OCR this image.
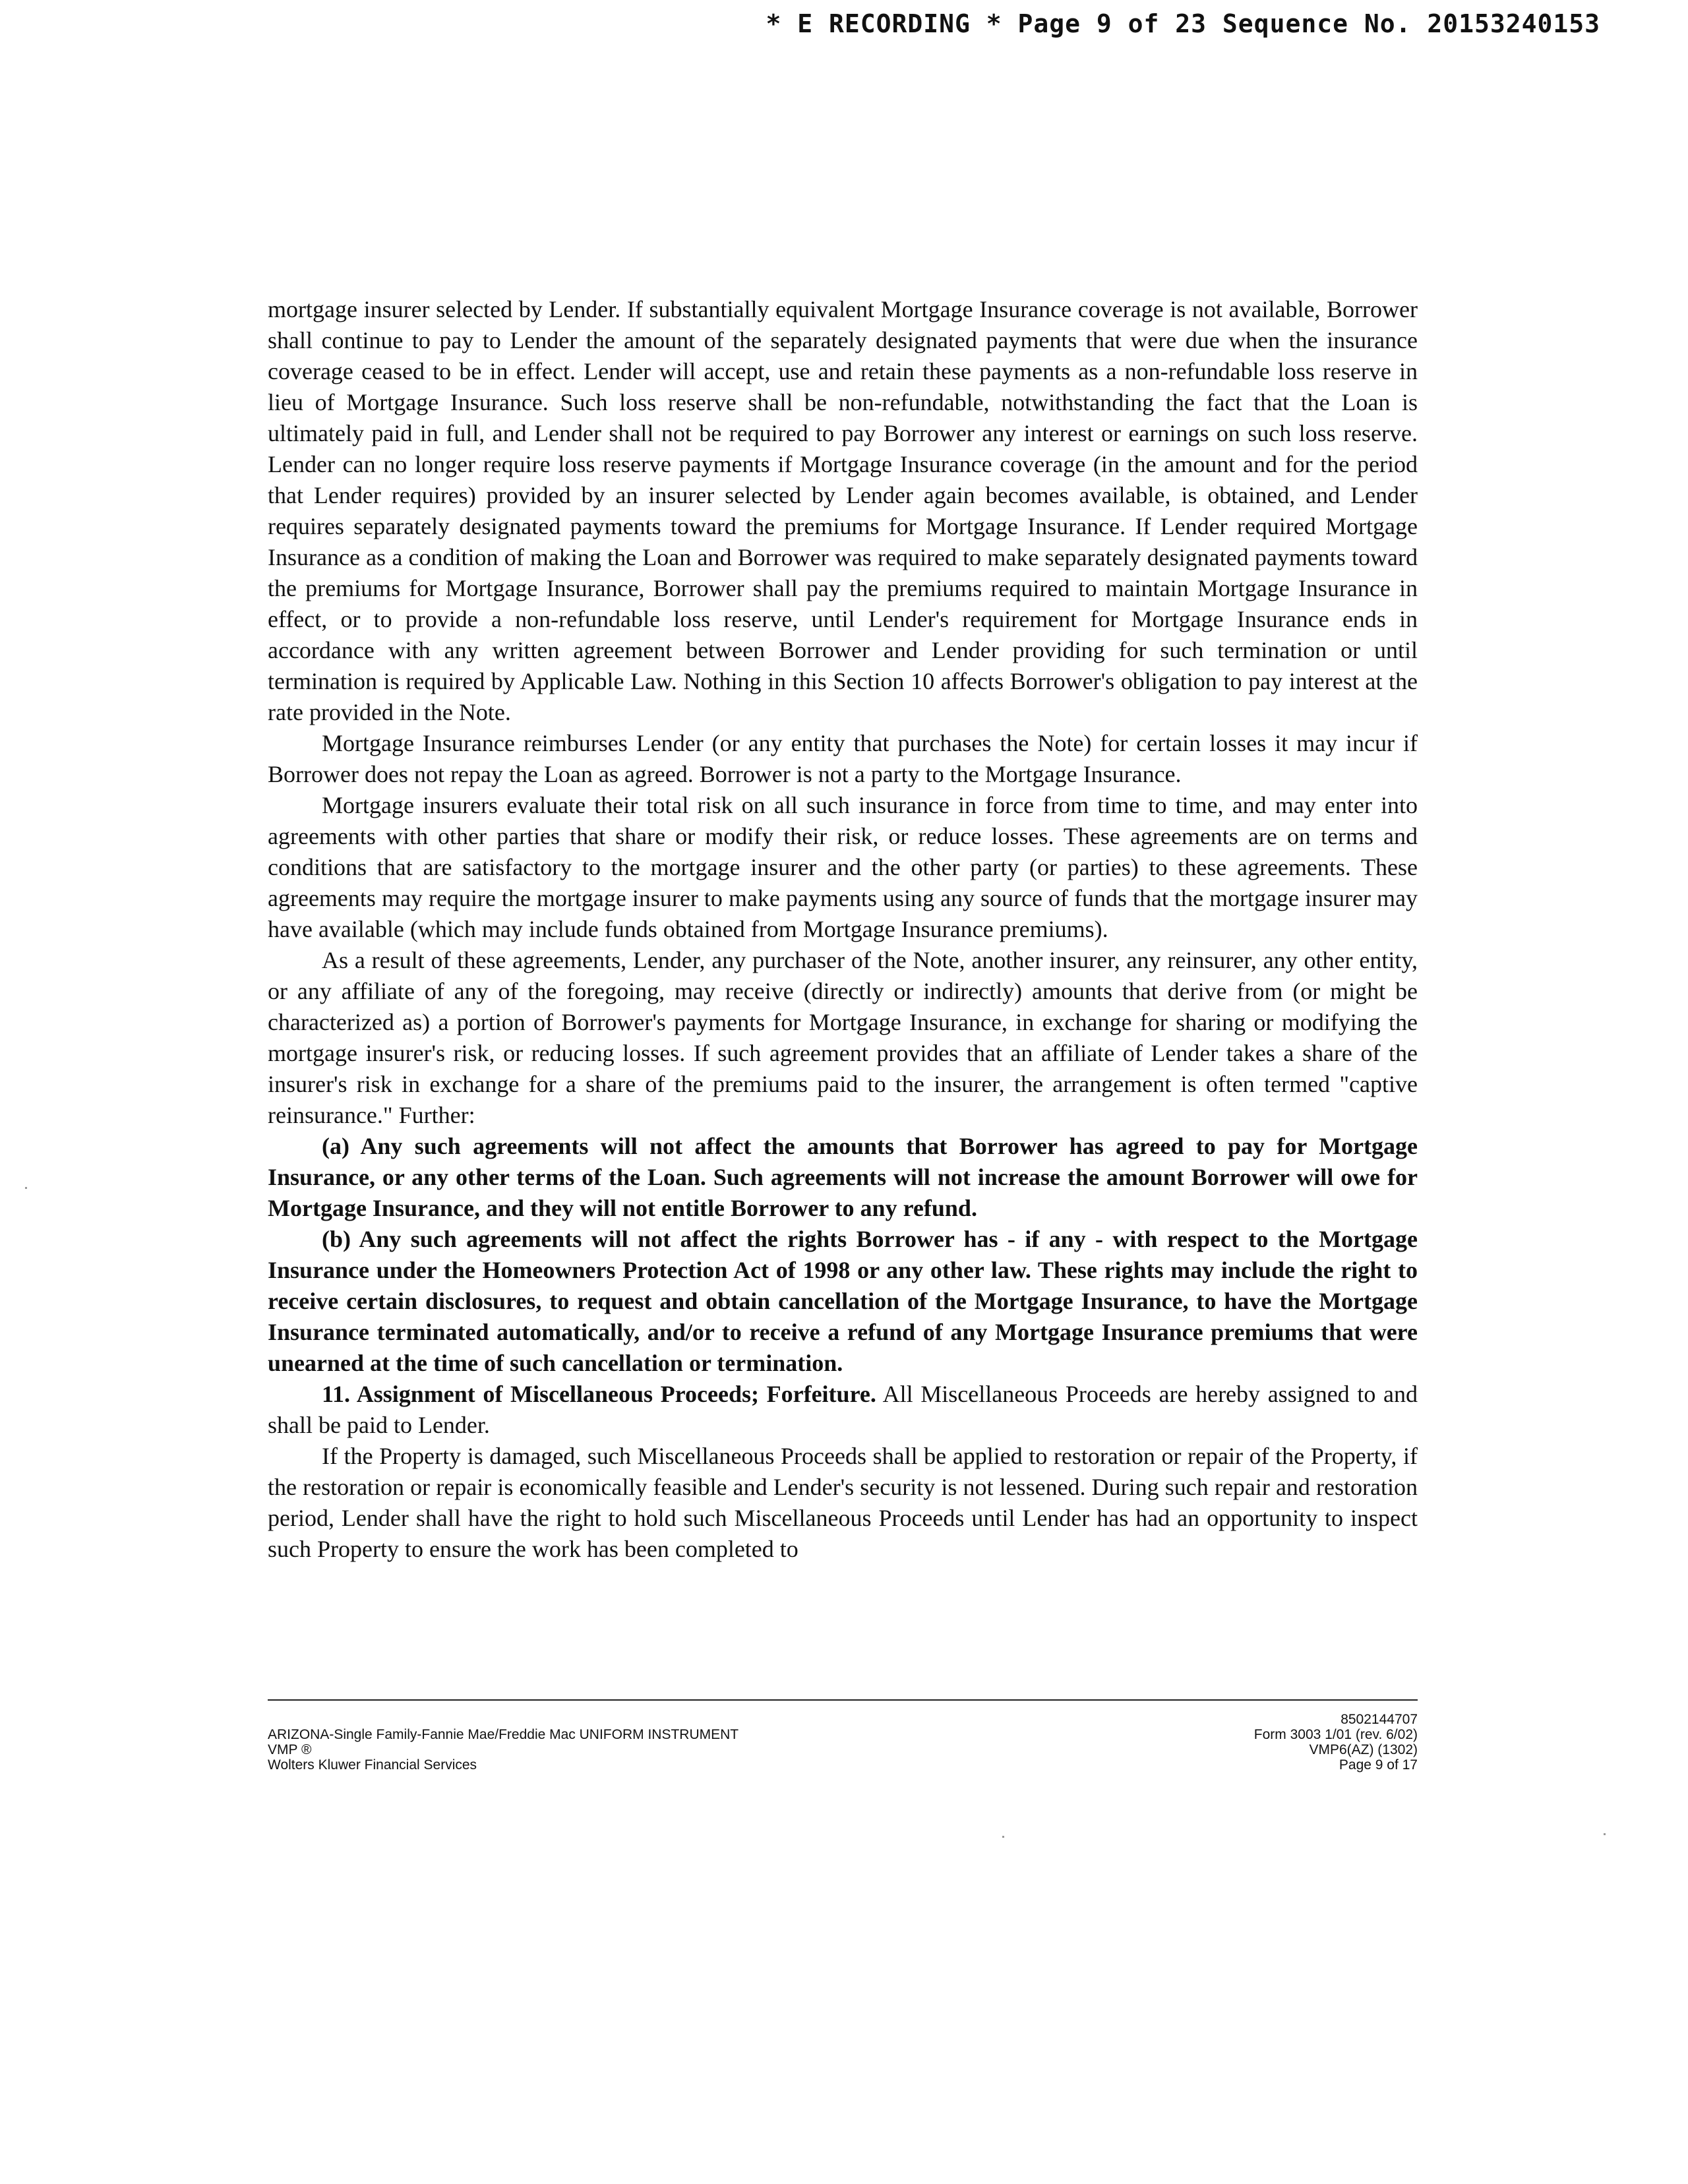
* E RECORDING * Page 9 of 23 Sequence No. 20153240153

mortgage insurer selected by Lender. If substantially equivalent Mortgage Insurance coverage is not available, Borrower shall continue to pay to Lender the amount of the separately designated payments that were due when the insurance coverage ceased to be in effect. Lender will accept, use and retain these payments as a non-refundable loss reserve in lieu of Mortgage Insurance. Such loss reserve shall be non-refundable, notwithstanding the fact that the Loan is ultimately paid in full, and Lender shall not be required to pay Borrower any interest or earnings on such loss reserve. Lender can no longer require loss reserve payments if Mortgage Insurance coverage (in the amount and for the period that Lender requires) provided by an insurer selected by Lender again becomes available, is obtained, and Lender requires separately designated payments toward the premiums for Mortgage Insurance. If Lender required Mortgage Insurance as a condition of making the Loan and Borrower was required to make separately designated payments toward the premiums for Mortgage Insurance, Borrower shall pay the premiums required to maintain Mortgage Insurance in effect, or to provide a non-refundable loss reserve, until Lender's requirement for Mortgage Insurance ends in accordance with any written agreement between Borrower and Lender providing for such termination or until termination is required by Applicable Law. Nothing in this Section 10 affects Borrower's obligation to pay interest at the rate provided in the Note.

Mortgage Insurance reimburses Lender (or any entity that purchases the Note) for certain losses it may incur if Borrower does not repay the Loan as agreed. Borrower is not a party to the Mortgage Insurance.

Mortgage insurers evaluate their total risk on all such insurance in force from time to time, and may enter into agreements with other parties that share or modify their risk, or reduce losses. These agreements are on terms and conditions that are satisfactory to the mortgage insurer and the other party (or parties) to these agreements. These agreements may require the mortgage insurer to make payments using any source of funds that the mortgage insurer may have available (which may include funds obtained from Mortgage Insurance premiums).

As a result of these agreements, Lender, any purchaser of the Note, another insurer, any reinsurer, any other entity, or any affiliate of any of the foregoing, may receive (directly or indirectly) amounts that derive from (or might be characterized as) a portion of Borrower's payments for Mortgage Insurance, in exchange for sharing or modifying the mortgage insurer's risk, or reducing losses. If such agreement provides that an affiliate of Lender takes a share of the insurer's risk in exchange for a share of the premiums paid to the insurer, the arrangement is often termed "captive reinsurance." Further:

(a) Any such agreements will not affect the amounts that Borrower has agreed to pay for Mortgage Insurance, or any other terms of the Loan. Such agreements will not increase the amount Borrower will owe for Mortgage Insurance, and they will not entitle Borrower to any refund.

(b) Any such agreements will not affect the rights Borrower has - if any - with respect to the Mortgage Insurance under the Homeowners Protection Act of 1998 or any other law. These rights may include the right to receive certain disclosures, to request and obtain cancellation of the Mortgage Insurance, to have the Mortgage Insurance terminated automatically, and/or to receive a refund of any Mortgage Insurance premiums that were unearned at the time of such cancellation or termination.

11. Assignment of Miscellaneous Proceeds; Forfeiture. All Miscellaneous Proceeds are hereby assigned to and shall be paid to Lender.

If the Property is damaged, such Miscellaneous Proceeds shall be applied to restoration or repair of the Property, if the restoration or repair is economically feasible and Lender's security is not lessened. During such repair and restoration period, Lender shall have the right to hold such Miscellaneous Proceeds until Lender has had an opportunity to inspect such Property to ensure the work has been completed to

ARIZONA-Single Family-Fannie Mae/Freddie Mac UNIFORM INSTRUMENT
VMP ®
Wolters Kluwer Financial Services
8502144707
Form 3003 1/01 (rev. 6/02)
VMP6(AZ) (1302)
Page 9 of 17
